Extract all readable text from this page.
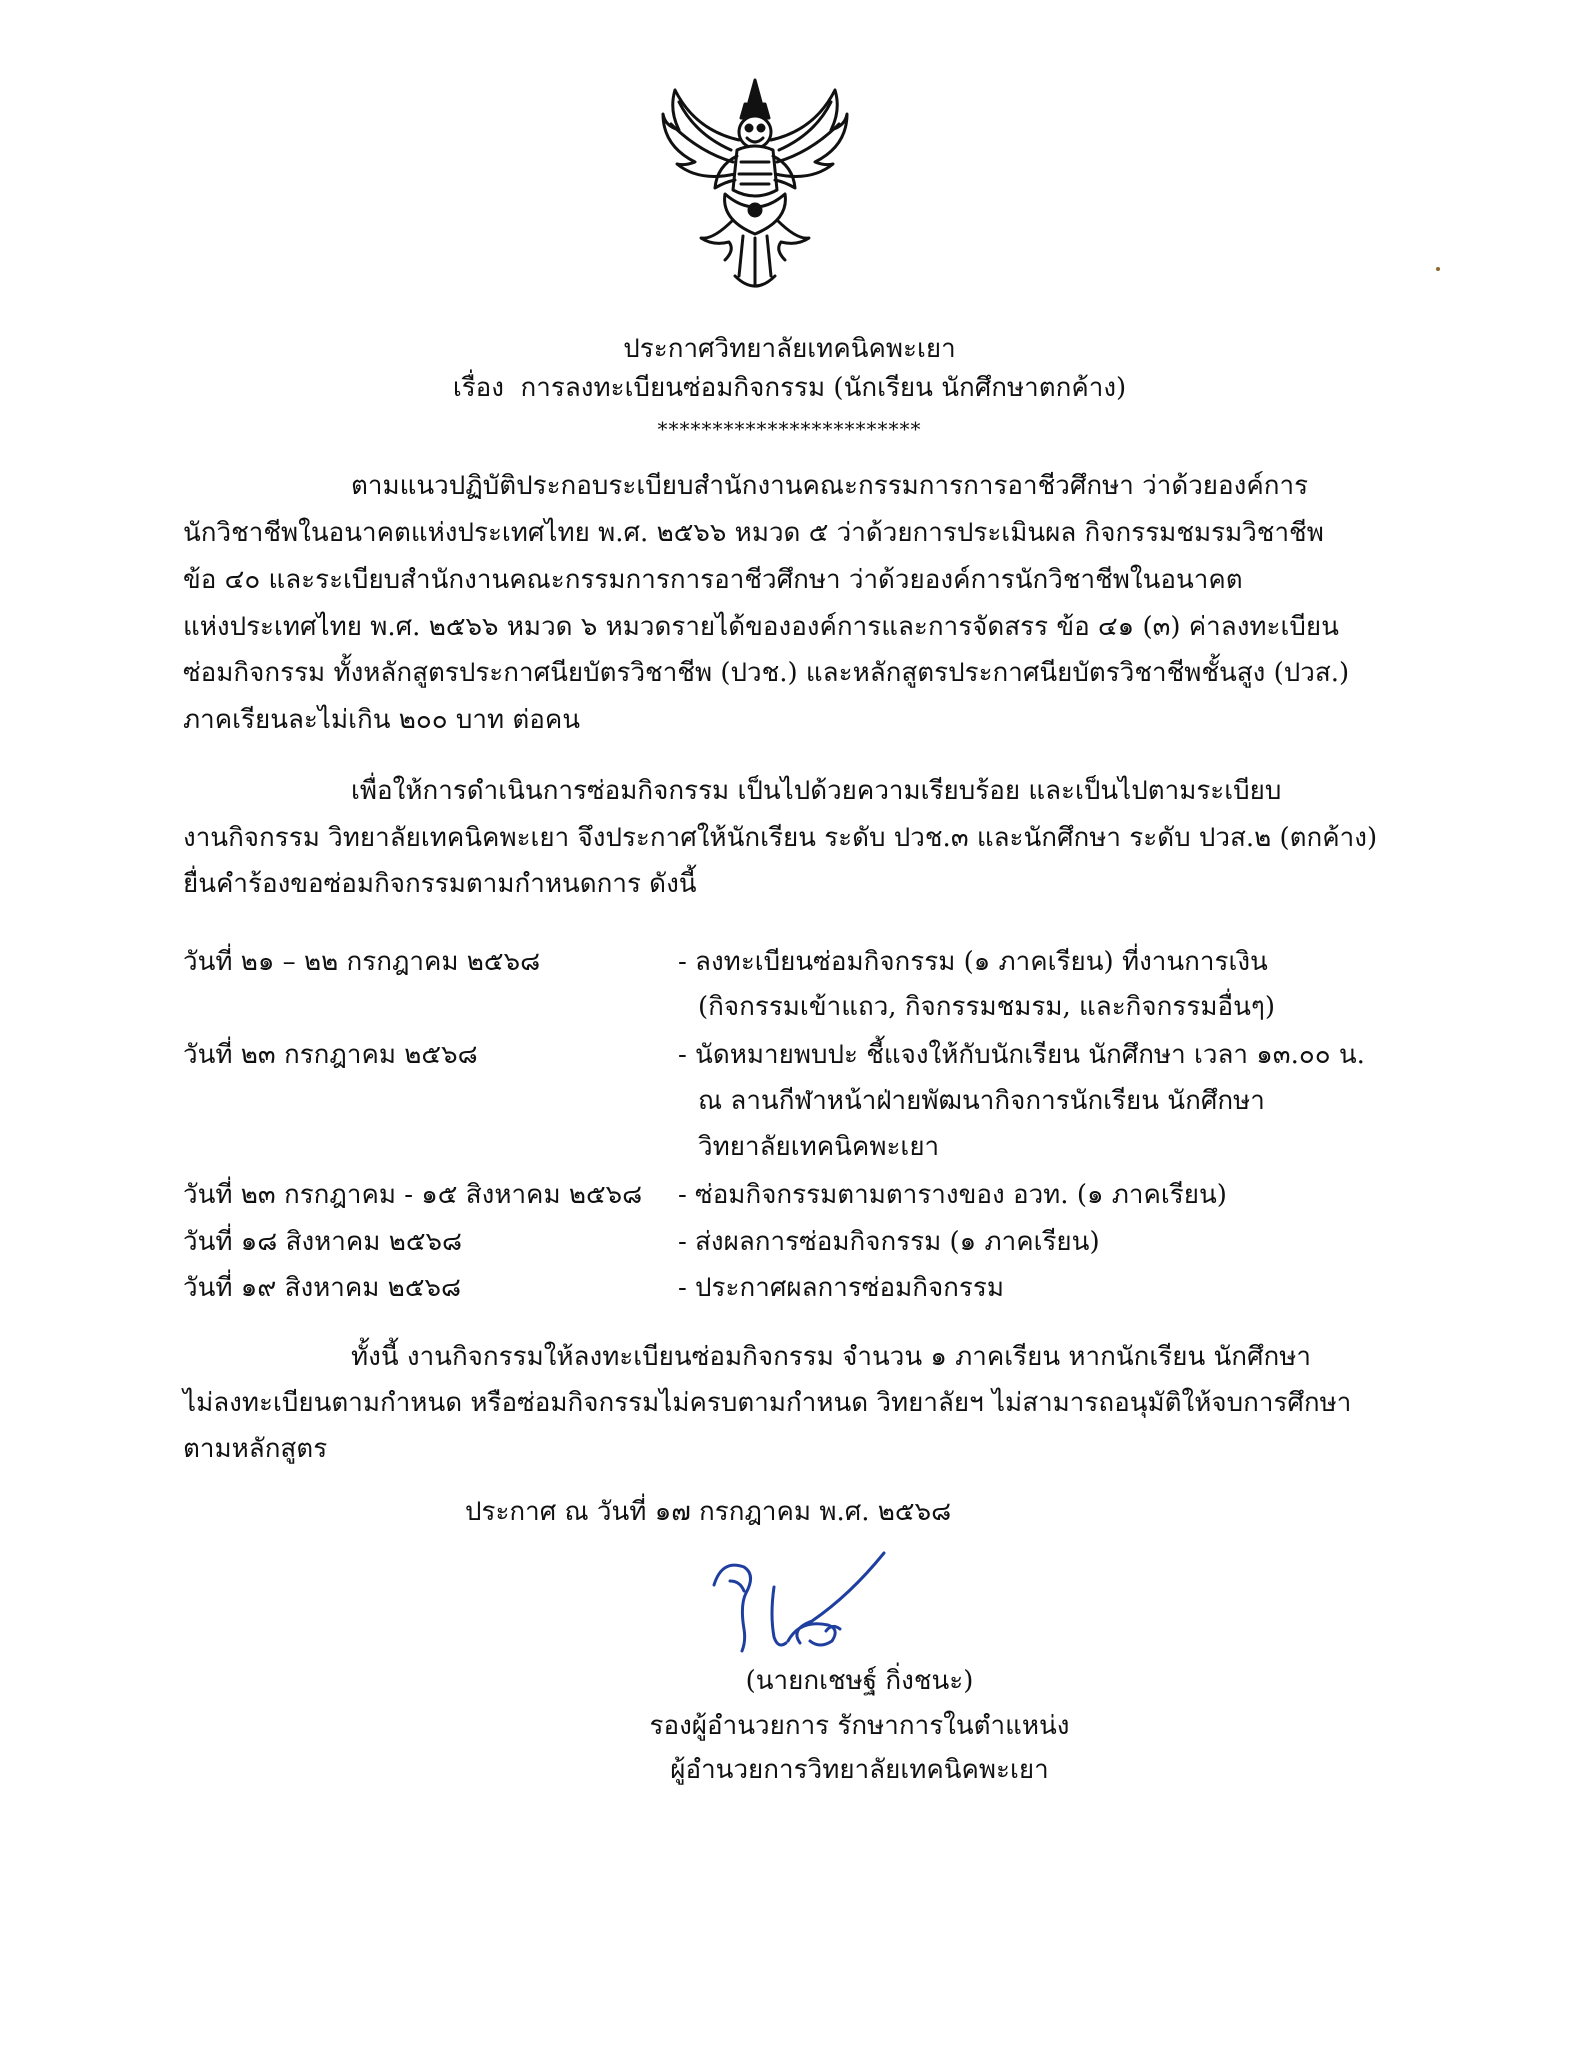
ประกาศวิทยาลัยเทคนิคพะเยา
เรื่อง การลงทะเบียนซ่อมกิจกรรม (นักเรียน นักศึกษาตกค้าง)
************************
ตามแนวปฏิบัติประกอบระเบียบสำนักงานคณะกรรมการการอาชีวศึกษา ว่าด้วยองค์การ
นักวิชาชีพในอนาคตแห่งประเทศไทย พ.ศ. ๒๕๖๖ หมวด ๕ ว่าด้วยการประเมินผล กิจกรรมชมรมวิชาชีพ
ข้อ ๔๐ และระเบียบสำนักงานคณะกรรมการการอาชีวศึกษา ว่าด้วยองค์การนักวิชาชีพในอนาคต
แห่งประเทศไทย พ.ศ. ๒๕๖๖ หมวด ๖ หมวดรายได้ขององค์การและการจัดสรร ข้อ ๔๑ (๓) ค่าลงทะเบียน
ซ่อมกิจกรรม ทั้งหลักสูตรประกาศนียบัตรวิชาชีพ (ปวช.) และหลักสูตรประกาศนียบัตรวิชาชีพชั้นสูง (ปวส.)
ภาคเรียนละไม่เกิน ๒๐๐ บาท ต่อคน
เพื่อให้การดำเนินการซ่อมกิจกรรม เป็นไปด้วยความเรียบร้อย และเป็นไปตามระเบียบ
งานกิจกรรม วิทยาลัยเทคนิคพะเยา จึงประกาศให้นักเรียน ระดับ ปวช.๓ และนักศึกษา ระดับ ปวส.๒ (ตกค้าง)
ยื่นคำร้องขอซ่อมกิจกรรมตามกำหนดการ ดังนี้
วันที่ ๒๑ – ๒๒ กรกฎาคม ๒๕๖๘	- ลงทะเบียนซ่อมกิจกรรม (๑ ภาคเรียน) ที่งานการเงิน
(กิจกรรมเข้าแถว, กิจกรรมชมรม, และกิจกรรมอื่นๆ)
วันที่ ๒๓ กรกฎาคม ๒๕๖๘	- นัดหมายพบปะ ชี้แจงให้กับนักเรียน นักศึกษา เวลา ๑๓.๐๐ น.
ณ ลานกีฬาหน้าฝ่ายพัฒนากิจการนักเรียน นักศึกษา
วิทยาลัยเทคนิคพะเยา
วันที่ ๒๓ กรกฎาคม - ๑๕ สิงหาคม ๒๕๖๘ - ซ่อมกิจกรรมตามตารางของ อวท. (๑ ภาคเรียน)
วันที่ ๑๘ สิงหาคม ๒๕๖๘	- ส่งผลการซ่อมกิจกรรม (๑ ภาคเรียน)
วันที่ ๑๙ สิงหาคม ๒๕๖๘	- ประกาศผลการซ่อมกิจกรรม
ทั้งนี้ งานกิจกรรมให้ลงทะเบียนซ่อมกิจกรรม จำนวน ๑ ภาคเรียน หากนักเรียน นักศึกษา
ไม่ลงทะเบียนตามกำหนด หรือซ่อมกิจกรรมไม่ครบตามกำหนด วิทยาลัยฯ ไม่สามารถอนุมัติให้จบการศึกษา
ตามหลักสูตร
ประกาศ ณ วันที่ ๑๗ กรกฎาคม พ.ศ. ๒๕๖๘
(นายกเชษฐ์ กิ่งชนะ)
รองผู้อำนวยการ รักษาการในตำแหน่ง
ผู้อำนวยการวิทยาลัยเทคนิคพะเยา
